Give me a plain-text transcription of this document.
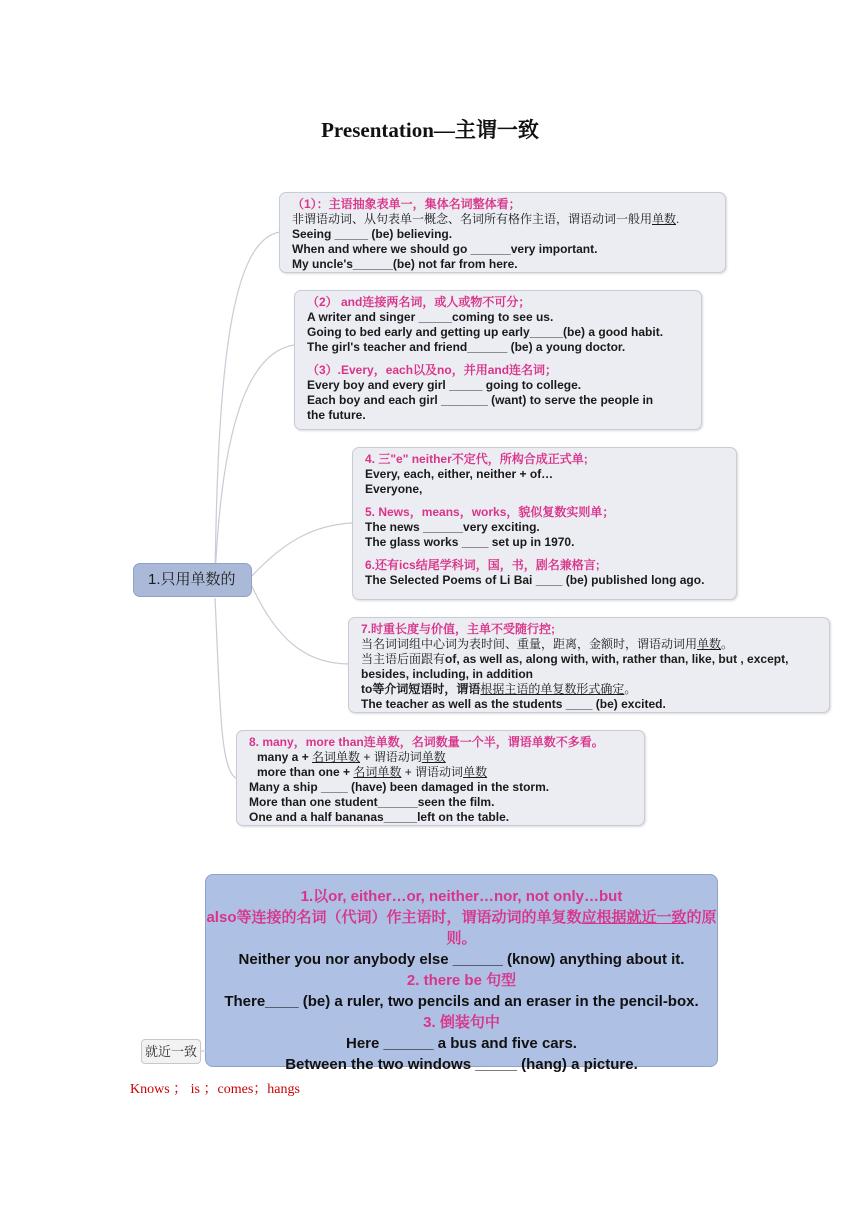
Presentation—主谓一致
（1）：主语抽象表单一，集体名词整体看；
非谓语动词、从句表单一概念、名词所有格作主语，谓语动词一般用单数.
Seeing _____ (be) believing.
When and where we should go ______very important.
My uncle's______(be) not far from here.
（2） and连接两名词，或人或物不可分；
A writer and singer _____coming to see us.
Going to bed early and getting up early_____(be) a good habit.
The girl's teacher and friend______ (be) a young doctor.
（3）.Every，each以及no，并用and连名词；
Every boy and every girl _____ going to college.
Each boy and each girl _______ (want) to serve the people in
the future.
4. 三"e" neither不定代，所构合成正式单;
Every, each, either, neither + of…
Everyone,
5. News，means，works，貌似复数实则单；
The news ______very exciting.
The glass works ____ set up in 1970.
6.还有ics结尾学科词，国，书，剧名兼格言;
The Selected Poems of Li Bai ____ (be) published long ago.
1.只用单数的
7.时重长度与价值，主单不受随行控;
当名词词组中心词为表时间、重量，距离，金额时，谓语动词用单数。
当主语后面跟有of, as well as, along with, with, rather than, like, but , except,
besides, including, in addition
to等介词短语时，谓语根据主语的单复数形式确定。
The teacher as well as the students ____ (be) excited.
8. many，more than连单数，名词数量一个半，谓语单数不多看。
many a + 名词单数 + 谓语动词单数
more than one + 名词单数 + 谓语动词单数
Many a ship ____ (have) been damaged in the storm.
More than one student______seen the film.
One and a half bananas_____left on the table.
1.以or, either…or, neither…nor, not only…but
also等连接的名词（代词）作主语时，谓语动词的单复数应根据就近一致的原则。
Neither you nor anybody else ______ (know) anything about it.
2. there be 句型
There____ (be) a ruler, two pencils and an eraser in the pencil-box.
3. 倒装句中
Here ______ a bus and five cars.
Between the two windows _____ (hang) a picture.
就近一致
Knows ； is ；comes；hangs
